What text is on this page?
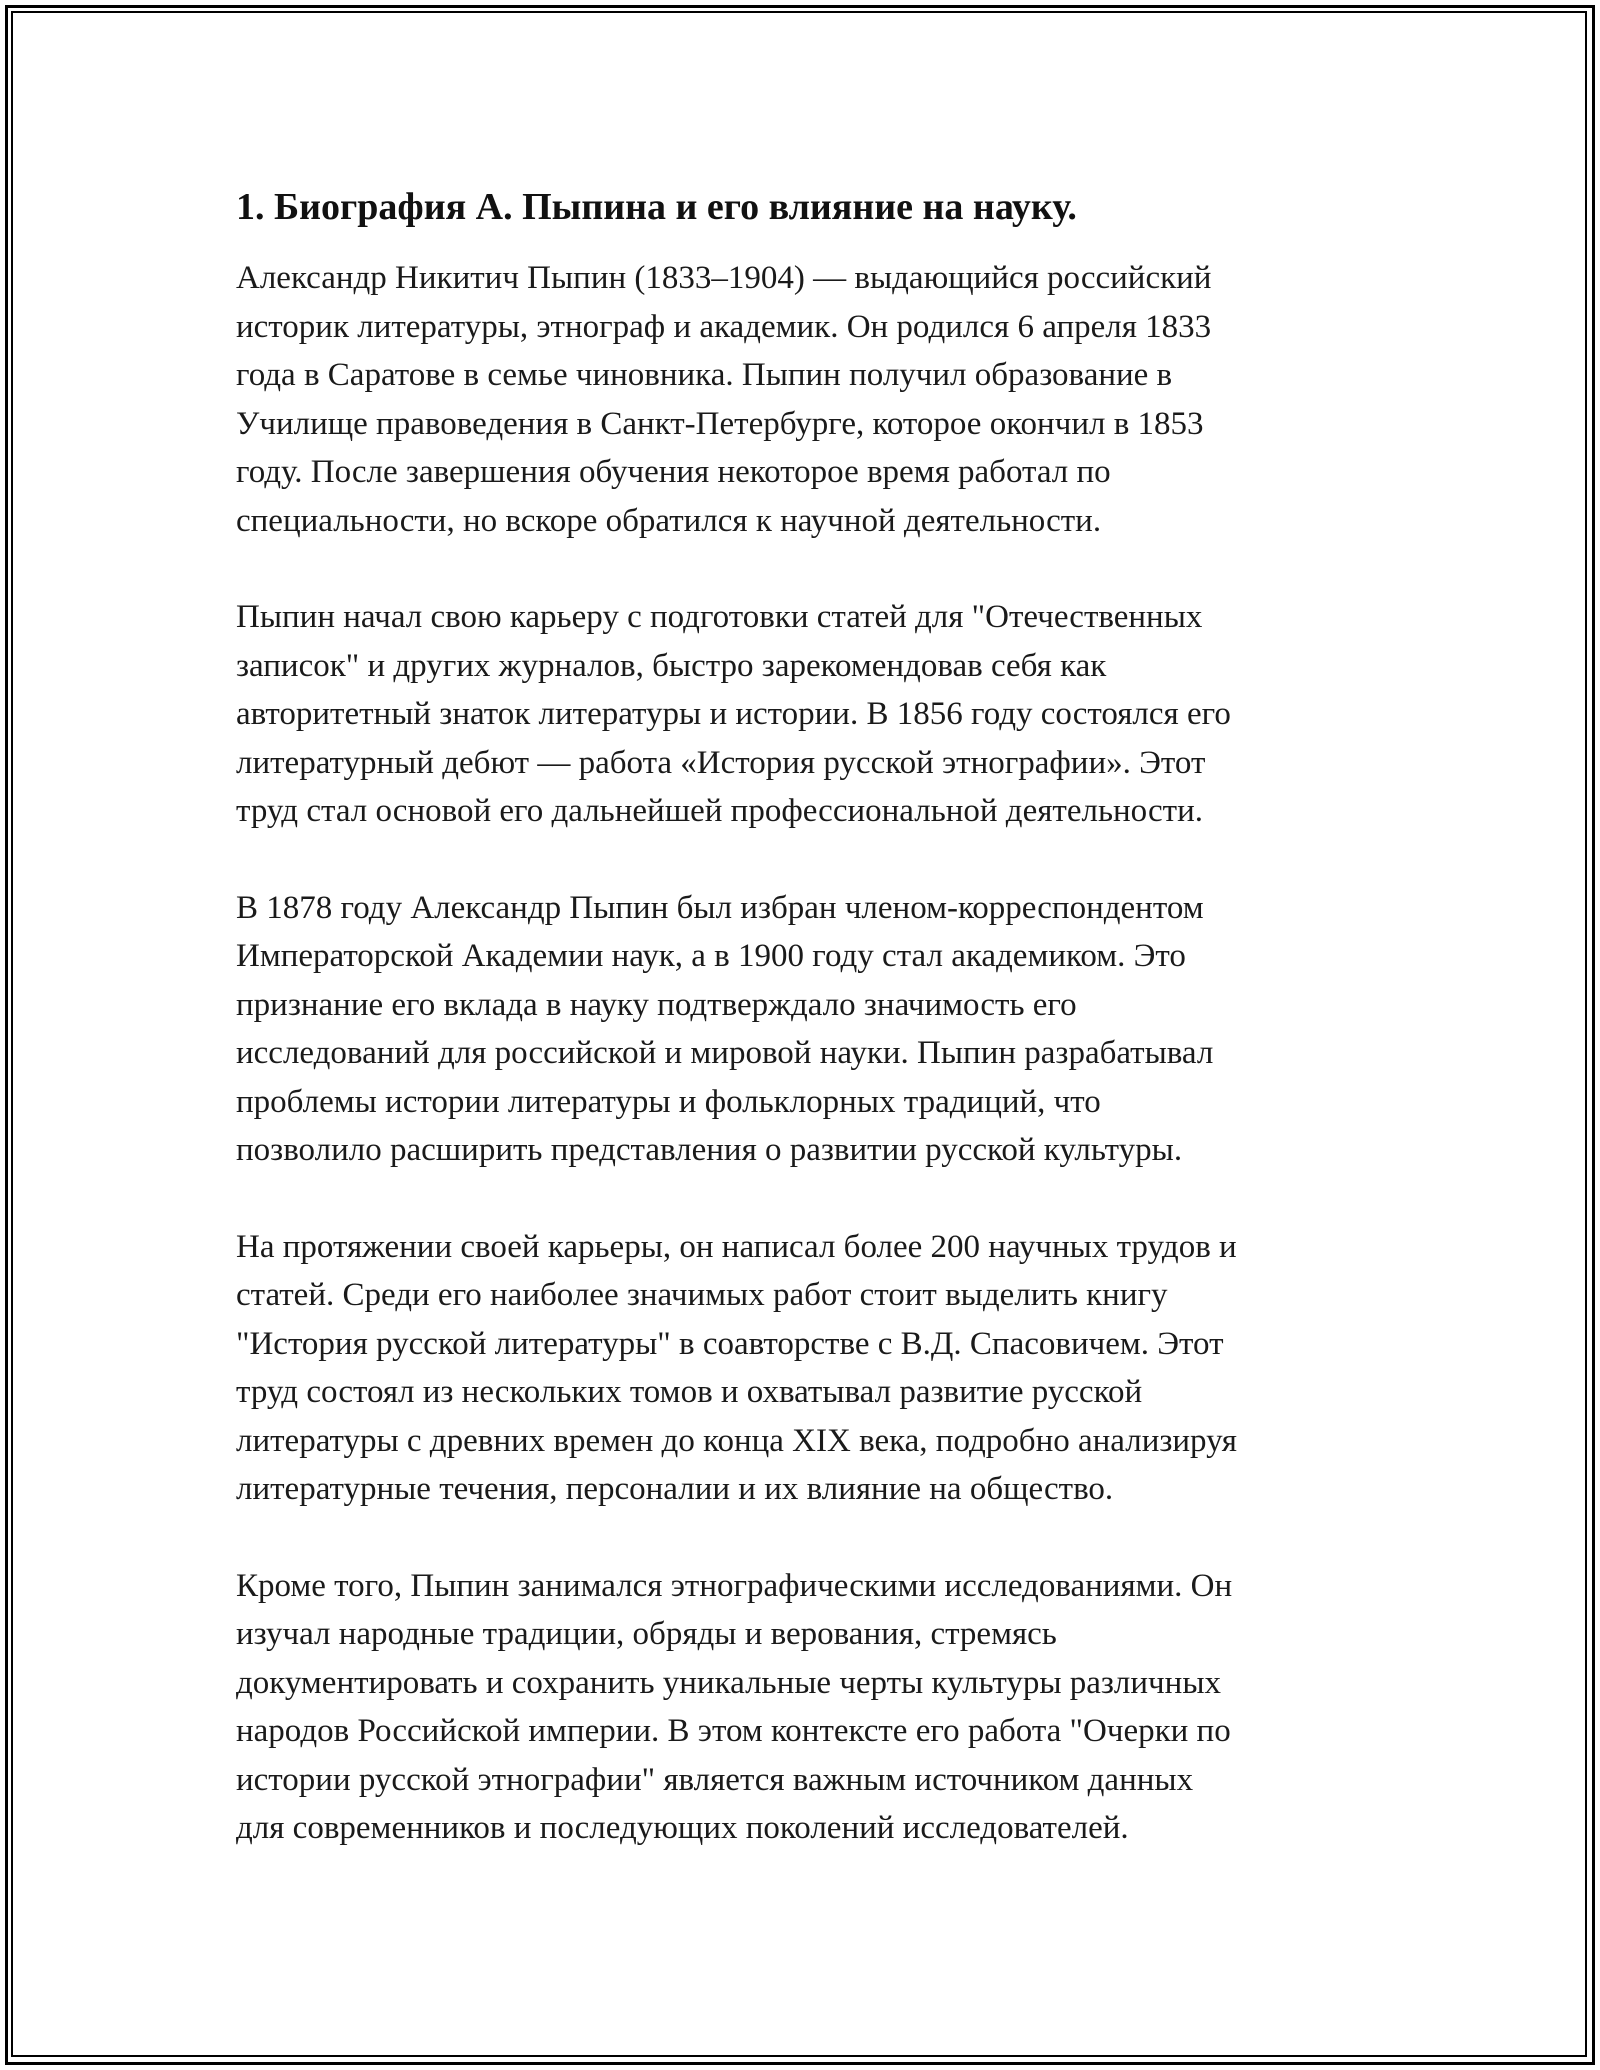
1. Биография А. Пыпина и его влияние на науку.

Александр Никитич Пыпин (1833–1904) — выдающийся российский
историк литературы, этнограф и академик. Он родился 6 апреля 1833
года в Саратове в семье чиновника. Пыпин получил образование в
Училище правоведения в Санкт-Петербурге, которое окончил в 1853
году. После завершения обучения некоторое время работал по
специальности, но вскоре обратился к научной деятельности.

Пыпин начал свою карьеру с подготовки статей для "Отечественных
записок" и других журналов, быстро зарекомендовав себя как
авторитетный знаток литературы и истории. В 1856 году состоялся его
литературный дебют — работа «История русской этнографии». Этот
труд стал основой его дальнейшей профессиональной деятельности.

В 1878 году Александр Пыпин был избран членом-корреспондентом
Императорской Академии наук, а в 1900 году стал академиком. Это
признание его вклада в науку подтверждало значимость его
исследований для российской и мировой науки. Пыпин разрабатывал
проблемы истории литературы и фольклорных традиций, что
позволило расширить представления о развитии русской культуры.

На протяжении своей карьеры, он написал более 200 научных трудов и
статей. Среди его наиболее значимых работ стоит выделить книгу
"История русской литературы" в соавторстве с В.Д. Спасовичем. Этот
труд состоял из нескольких томов и охватывал развитие русской
литературы с древних времен до конца XIX века, подробно анализируя
литературные течения, персоналии и их влияние на общество.

Кроме того, Пыпин занимался этнографическими исследованиями. Он
изучал народные традиции, обряды и верования, стремясь
документировать и сохранить уникальные черты культуры различных
народов Российской империи. В этом контексте его работа "Очерки по
истории русской этнографии" является важным источником данных
для современников и последующих поколений исследователей.
